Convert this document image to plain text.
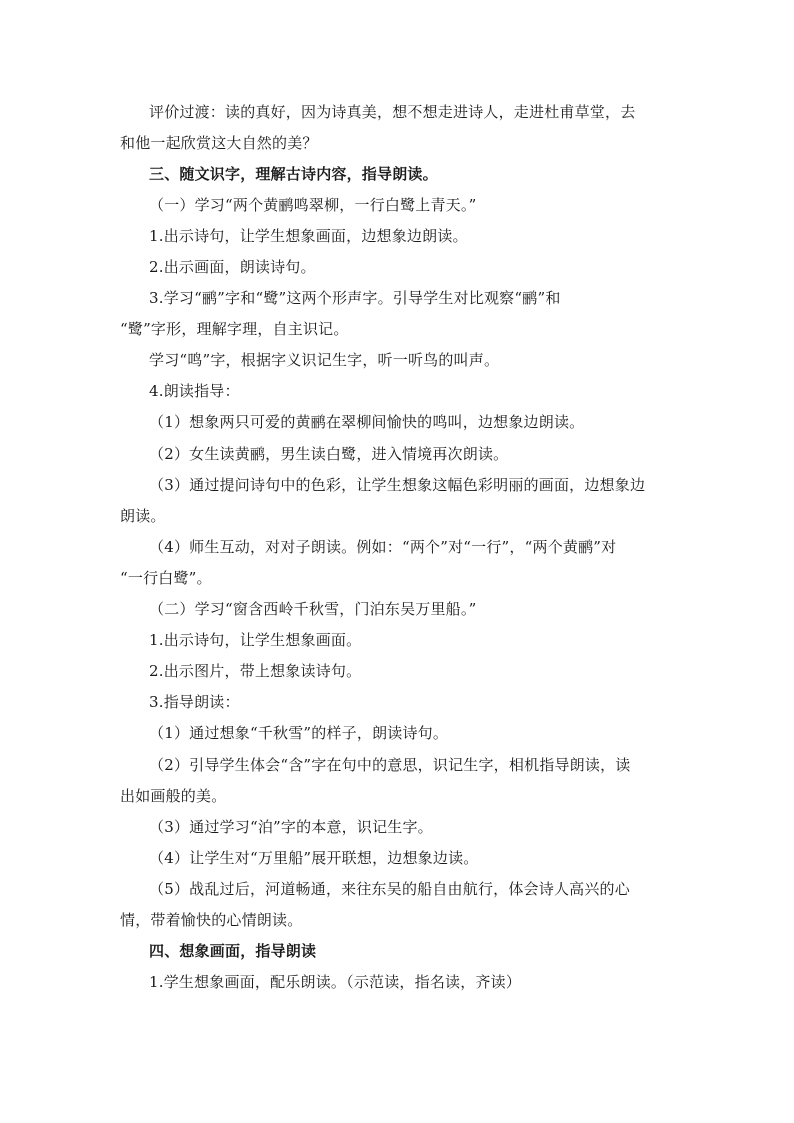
评价过渡：读的真好，因为诗真美，想不想走进诗人，走进杜甫草堂，去
和他一起欣赏这大自然的美？
三、随文识字，理解古诗内容，指导朗读。
（一）学习“两个黄鹂鸣翠柳，一行白鹭上青天。”
1.出示诗句，让学生想象画面，边想象边朗读。
2.出示画面，朗读诗句。
3.学习“鹂”字和“鹭”这两个形声字。引导学生对比观察“鹂”和
“鹭”字形，理解字理，自主识记。
学习“鸣”字，根据字义识记生字，听一听鸟的叫声。
4.朗读指导：
（1）想象两只可爱的黄鹂在翠柳间愉快的鸣叫，边想象边朗读。
（2）女生读黄鹂，男生读白鹭，进入情境再次朗读。
（3）通过提问诗句中的色彩，让学生想象这幅色彩明丽的画面，边想象边
朗读。
（4）师生互动，对对子朗读。例如：“两个”对“一行”，“两个黄鹂”对
“一行白鹭”。
（二）学习“窗含西岭千秋雪，门泊东吴万里船。”
1.出示诗句，让学生想象画面。
2.出示图片，带上想象读诗句。
3.指导朗读：
（1）通过想象“千秋雪”的样子，朗读诗句。
（2）引导学生体会“含”字在句中的意思，识记生字，相机指导朗读，读
出如画般的美。
（3）通过学习“泊”字的本意，识记生字。
（4）让学生对“万里船”展开联想，边想象边读。
（5）战乱过后，河道畅通，来往东吴的船自由航行，体会诗人高兴的心
情，带着愉快的心情朗读。
四、想象画面，指导朗读
1.学生想象画面，配乐朗读。（示范读，指名读，齐读）
